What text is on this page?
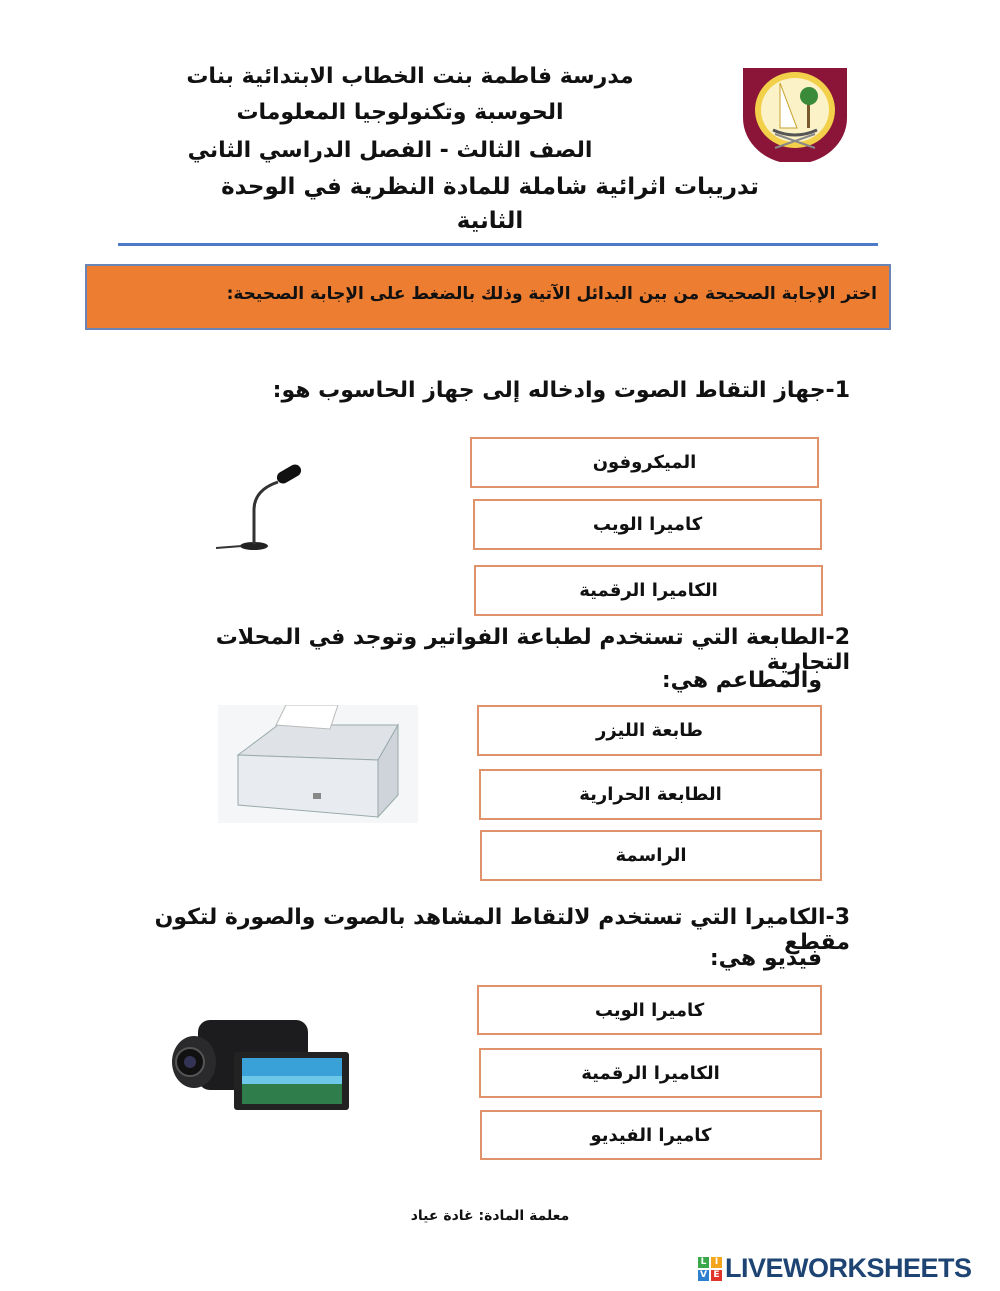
مدرسة فاطمة بنت الخطاب الابتدائية بنات
الحوسبة وتكنولوجيا المعلومات
الصف الثالث - الفصل الدراسي الثاني
تدريبات اثرائية شاملة للمادة النظرية في الوحدة الثانية
اختر الإجابة الصحيحة من بين البدائل الآتية وذلك بالضغط على الإجابة الصحيحة:
1-جهاز التقاط الصوت وادخاله إلى جهاز الحاسوب هو:
الميكروفون
كاميرا الويب
الكاميرا الرقمية
2-الطابعة التي تستخدم لطباعة الفواتير وتوجد في المحلات التجارية
والمطاعم هي:
طابعة الليزر
الطابعة الحرارية
الراسمة
3-الكاميرا التي تستخدم لالتقاط المشاهد بالصوت والصورة لتكون مقطع
فيديو هي:
كاميرا الويب
الكاميرا الرقمية
كاميرا الفيديو
معلمة المادة: غادة عياد
L I
V E LIVEWORKSHEETS
